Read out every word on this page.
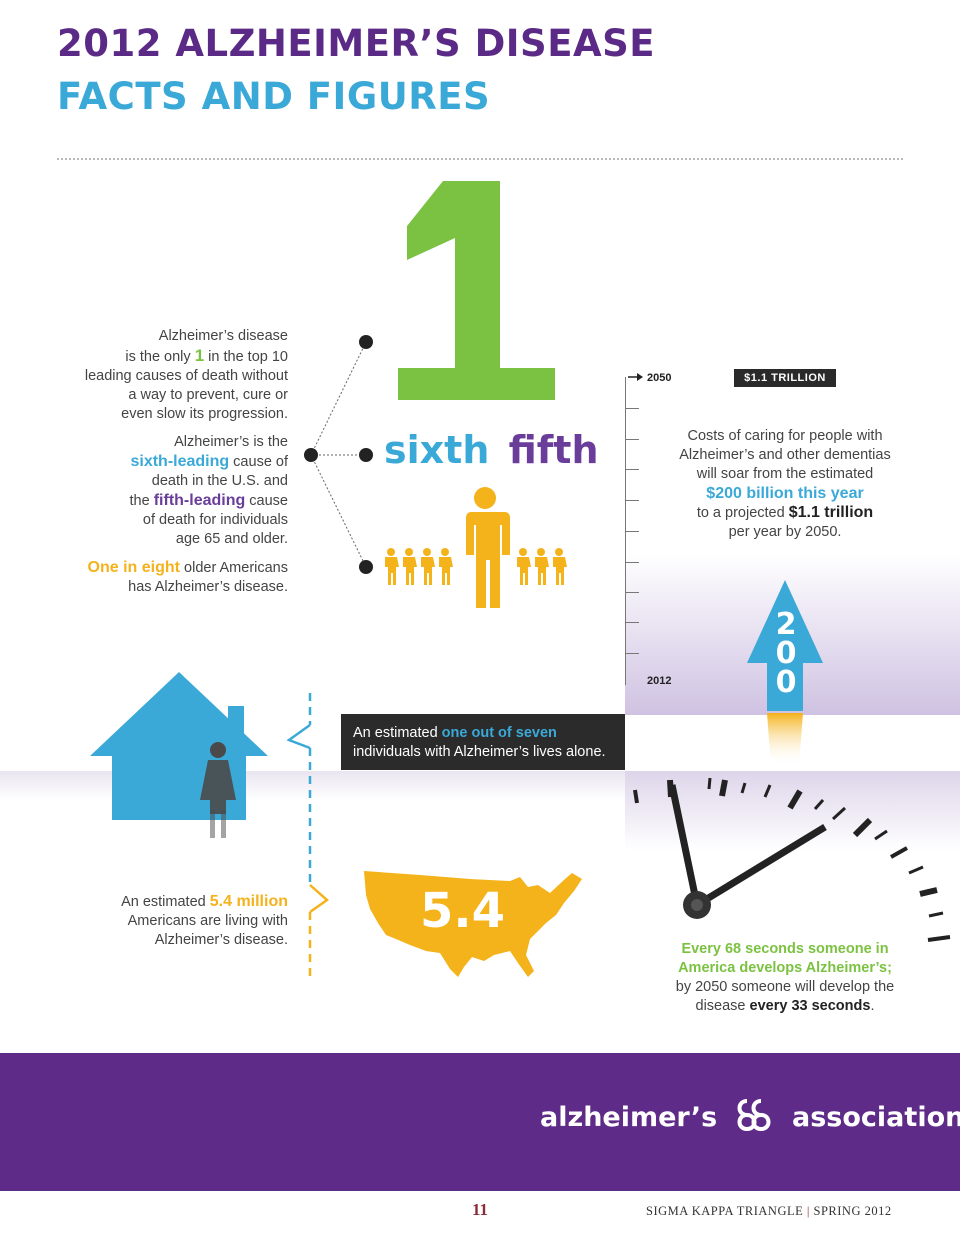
2012 ALZHEIMER’S DISEASE
FACTS AND FIGURES
Alzheimer’s disease
is the only 1 in the top 10
leading causes of death without
a way to prevent, cure or
even slow its progression.
Alzheimer’s is the
sixth-leading cause of
death in the U.S. and
the fifth-leading cause
of death for individuals
age 65 and older.
One in eight older Americans
has Alzheimer’s disease.
sixth fifth
2050
2012
$1.1 TRILLION
Costs of caring for people with
Alzheimer’s and other dementias
will soar from the estimated
$200 billion this year
to a projected $1.1 trillion
per year by 2050.
2
0
0
An estimated one out of seven
individuals with Alzheimer’s lives alone.
An estimated 5.4 million
Americans are living with
Alzheimer’s disease.
5.4
Every 68 seconds someone in
America develops Alzheimer’s;
by 2050 someone will develop the
disease every 33 seconds.
alzheimer’s	association®
11	SIGMA KAPPA TRIANGLE | SPRING 2012
